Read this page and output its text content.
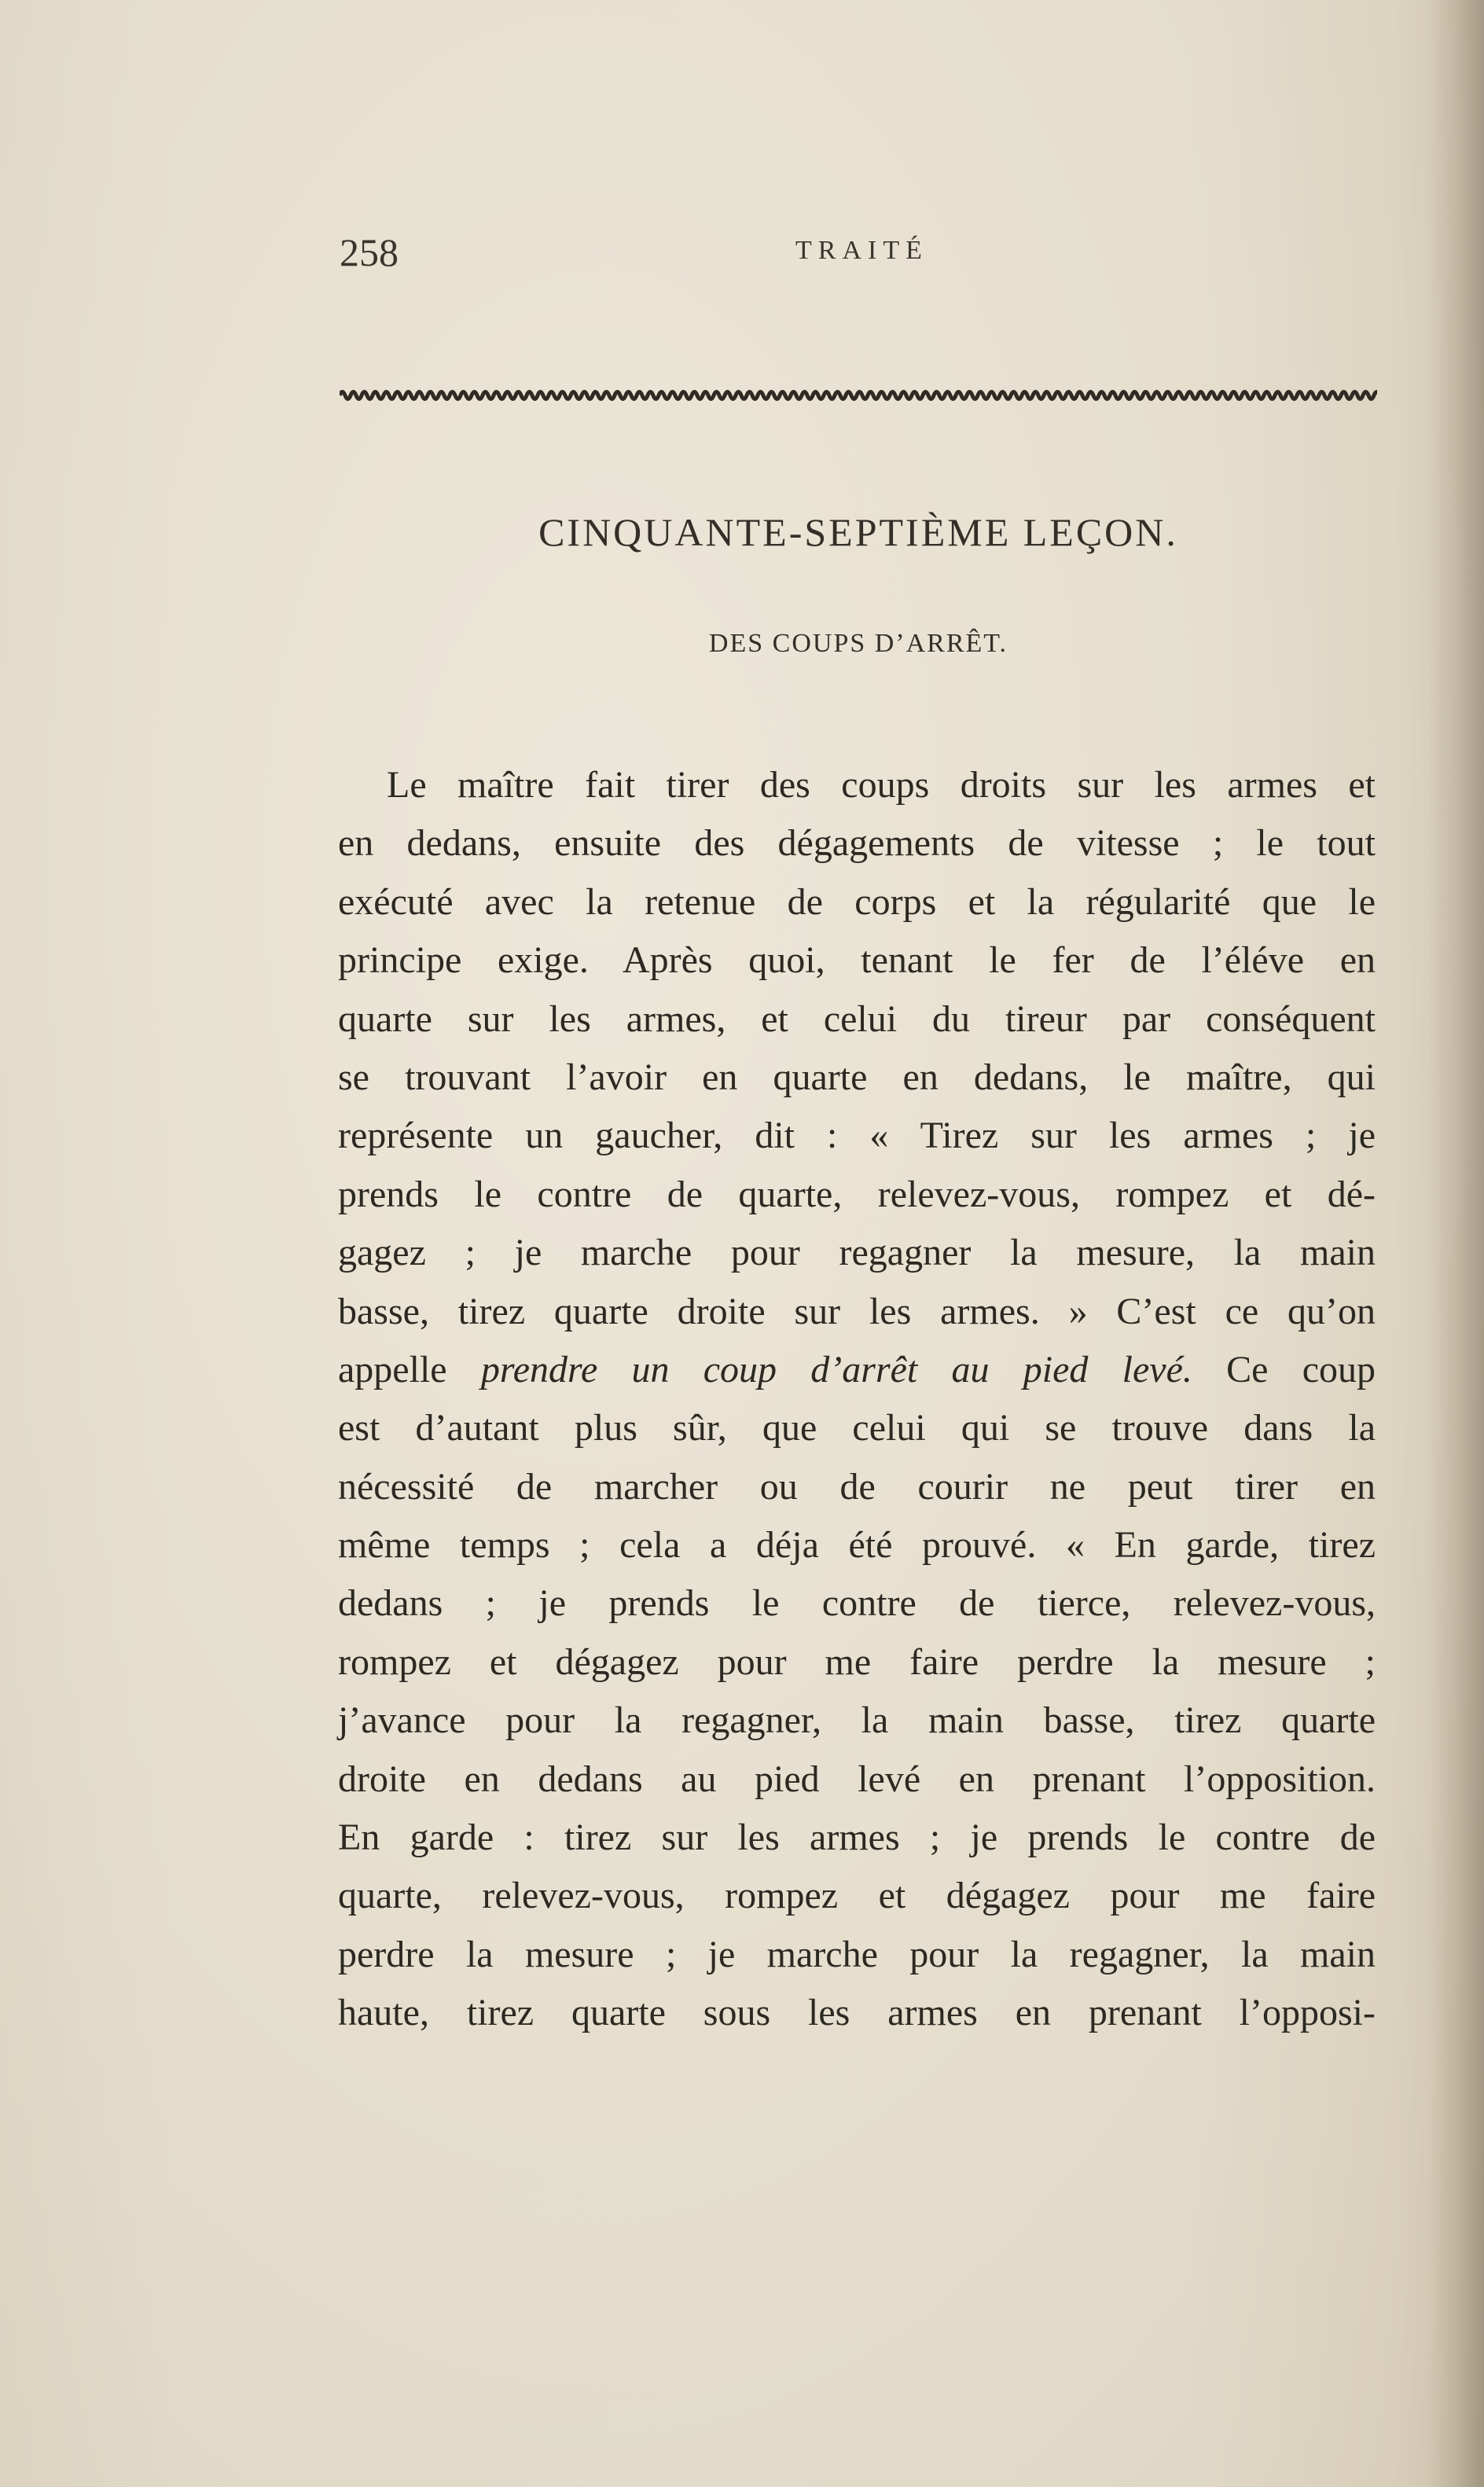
258	TRAITÉ
CINQUANTE-SEPTIÈME LEÇON.
DES COUPS D’ARRÊT.
Le maître fait tirer des coups droits sur les armes et
en dedans, ensuite des dégagements de vitesse ; le tout
exécuté avec la retenue de corps et la régularité que le
principe exige. Après quoi, tenant le fer de l’éléve en
quarte sur les armes, et celui du tireur par conséquent
se trouvant l’avoir en quarte en dedans, le maître, qui
représente un gaucher, dit : « Tirez sur les armes ; je
prends le contre de quarte, relevez-vous, rompez et dé-
gagez ; je marche pour regagner la mesure, la main
basse, tirez quarte droite sur les armes. » C’est ce qu’on
appelle prendre un coup d’arrêt au pied levé. Ce coup
est d’autant plus sûr, que celui qui se trouve dans la
nécessité de marcher ou de courir ne peut tirer en
même temps ; cela a déja été prouvé. « En garde, tirez
dedans ; je prends le contre de tierce, relevez-vous,
rompez et dégagez pour me faire perdre la mesure ;
j’avance pour la regagner, la main basse, tirez quarte
droite en dedans au pied levé en prenant l’opposition.
En garde : tirez sur les armes ; je prends le contre de
quarte, relevez-vous, rompez et dégagez pour me faire
perdre la mesure ; je marche pour la regagner, la main
haute, tirez quarte sous les armes en prenant l’opposi-
